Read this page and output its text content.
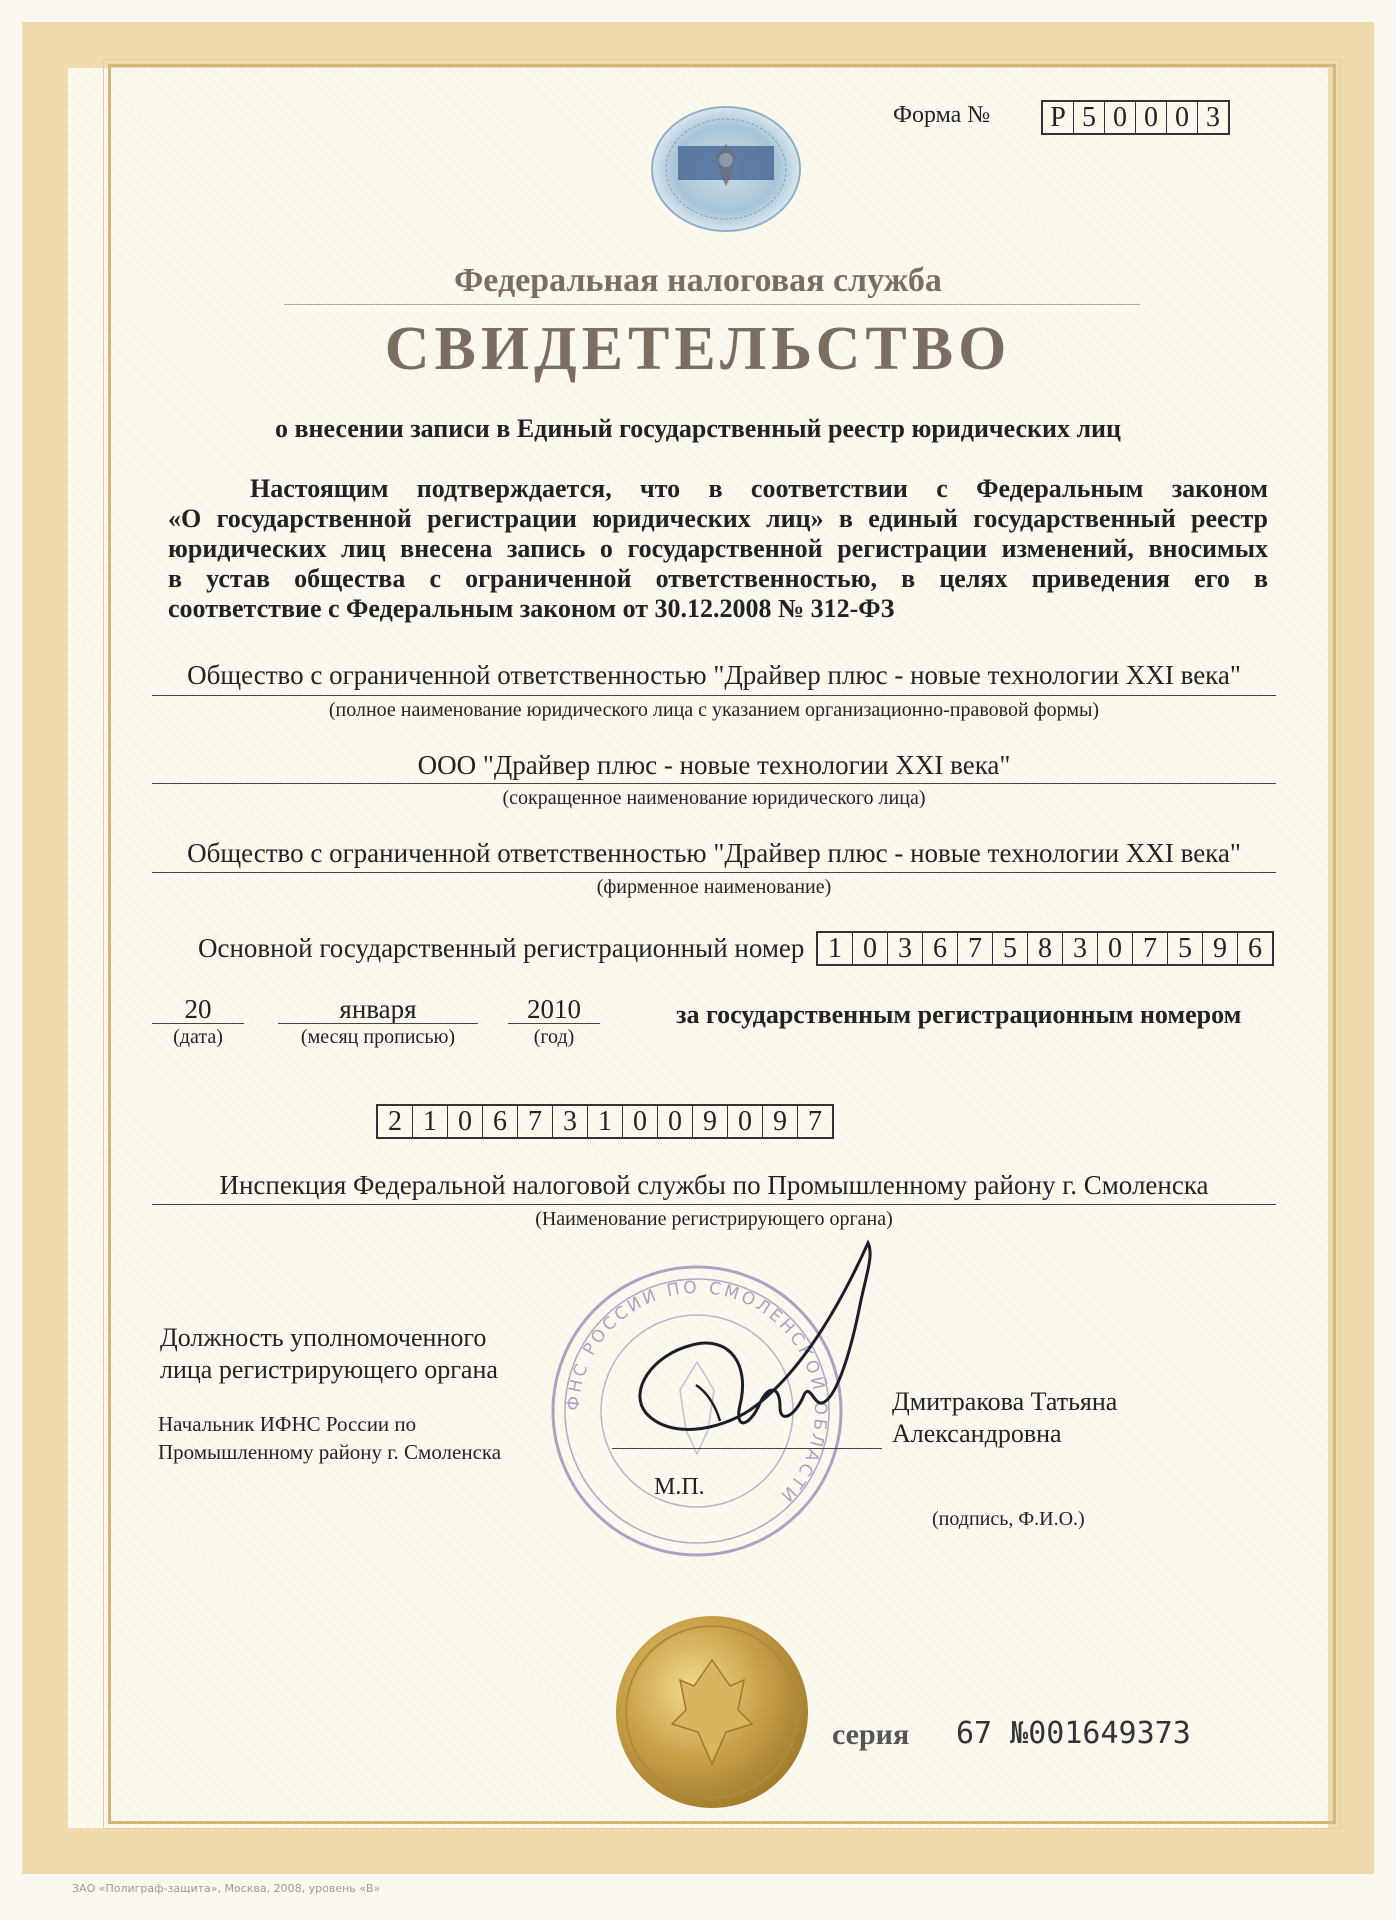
Форма № Р 5 0 0 0 3
Федеральная налоговая служба
СВИДЕТЕЛЬСТВО
о внесении записи в Единый государственный реестр юридических лиц
Настоящим подтверждается, что в соответствии с Федеральным законом
«О государственной регистрации юридических лиц» в единый государственный реестр
юридических лиц внесена запись о государственной регистрации изменений, вносимых
в устав общества с ограниченной ответственностью, в целях приведения его в
соответствие с Федеральным законом от 30.12.2008 № 312-ФЗ
Общество с ограниченной ответственностью "Драйвер плюс - новые технологии XXI века"
(полное наименование юридического лица с указанием организационно-правовой формы)
ООО "Драйвер плюс - новые технологии XXI века"
(сокращенное наименование юридического лица)
Общество с ограниченной ответственностью "Драйвер плюс - новые технологии XXI века"
(фирменное наименование)
Основной государственный регистрационный номер 1 0 3 6 7 5 8 3 0 7 5 9 6
20
(дата)
января
(месяц прописью)
2010
(год)
за государственным регистрационным номером
2 1 0 6 7 3 1 0 0 9 0 9 7
Инспекция Федеральной налоговой службы по Промышленному району г. Смоленска
(Наименование регистрирующего органа)
ФНС РОССИИ ПО СМОЛЕНСКОЙ ОБЛАСТИ
Должность уполномоченного
лица регистрирующего органа
Начальник ИФНС России по
Промышленному району г. Смоленска
М.П.
Дмитракова Татьяна
Александровна
(подпись, Ф.И.О.)
серия 67 №001649373
ЗАО «Полиграф-защита», Москва, 2008, уровень «В»
